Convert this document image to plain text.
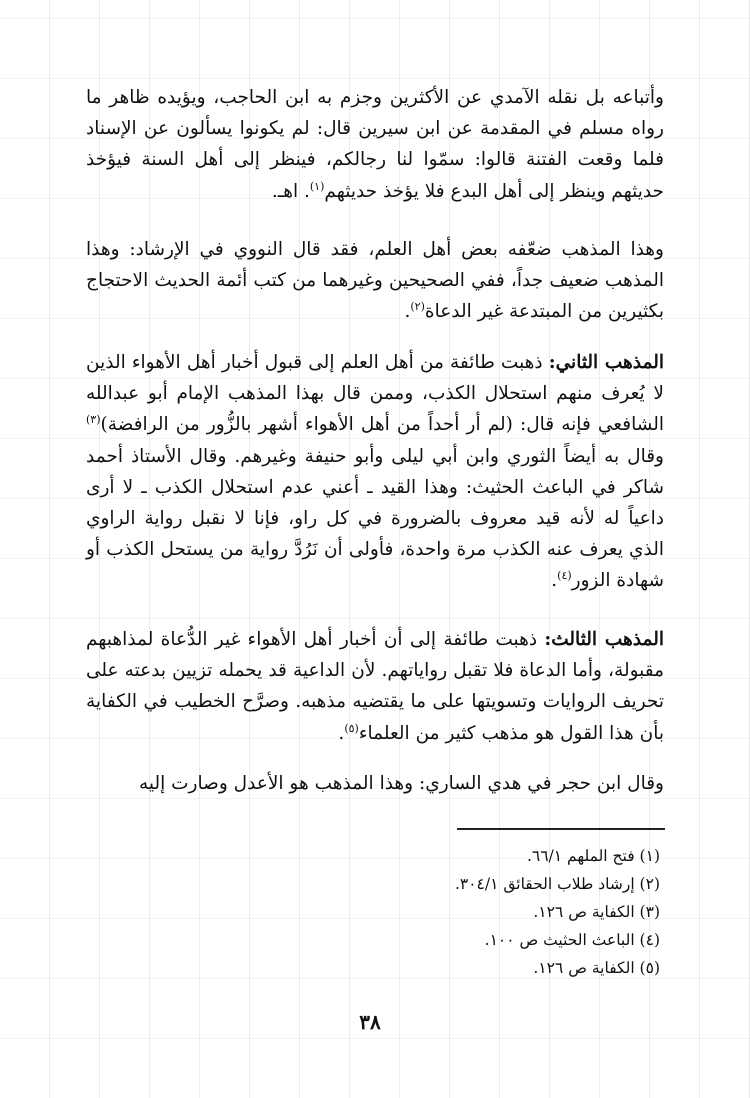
وأتباعه بل نقله الآمدي عن الأكثرين وجزم به ابن الحاجب، ويؤيده ظاهر ما رواه مسلم في المقدمة عن ابن سيرين قال: لم يكونوا يسألون عن الإسناد فلما وقعت الفتنة قالوا: سمّوا لنا رجالكم، فينظر إلى أهل السنة فيؤخذ حديثهم وينظر إلى أهل البدع فلا يؤخذ حديثهم$^{(١)}$. اهـ.
وهذا المذهب ضعّفه بعض أهل العلم، فقد قال النووي في الإرشاد: وهذا المذهب ضعيف جداً، ففي الصحيحين وغيرهما من كتب أئمة الحديث الاحتجاج بكثيرين من المبتدعة غير الدعاة$^{(٢)}$.
المذهب الثاني: ذهبت طائفة من أهل العلم إلى قبول أخبار أهل الأهواء الذين لا يُعرف منهم استحلال الكذب، وممن قال بهذا المذهب الإمام أبو عبدالله الشافعي فإنه قال: (لم أر أحداً من أهل الأهواء أشهر بالزُّور من الرافضة)$^{(٣)}$ وقال به أيضاً الثوري وابن أبي ليلى وأبو حنيفة وغيرهم. وقال الأستاذ أحمد شاكر في الباعث الحثيث: وهذا القيد ـ أعني عدم استحلال الكذب ـ لا أرى داعياً له لأنه قيد معروف بالضرورة في كل راو، فإنا لا نقبل رواية الراوي الذي يعرف عنه الكذب مرة واحدة، فأولى أن نَرُدَّ رواية من يستحل الكذب أو شهادة الزور$^{(٤)}$.
المذهب الثالث: ذهبت طائفة إلى أن أخبار أهل الأهواء غير الدُّعاة لمذاهبهم مقبولة، وأما الدعاة فلا تقبل رواياتهم. لأن الداعية قد يحمله تزيين بدعته على تحريف الروايات وتسويتها على ما يقتضيه مذهبه. وصرَّح الخطيب في الكفاية بأن هذا القول هو مذهب كثير من العلماء$^{(٥)}$.
وقال ابن حجر في هدي الساري: وهذا المذهب هو الأعدل وصارت إليه
(١) فتح الملهم ٦٦/١.
(٢) إرشاد طلاب الحقائق ٣٠٤/١.
(٣) الكفاية ص ١٢٦.
(٤) الباعث الحثيث ص ١٠٠.
(٥) الكفاية ص ١٢٦.
٣٨
